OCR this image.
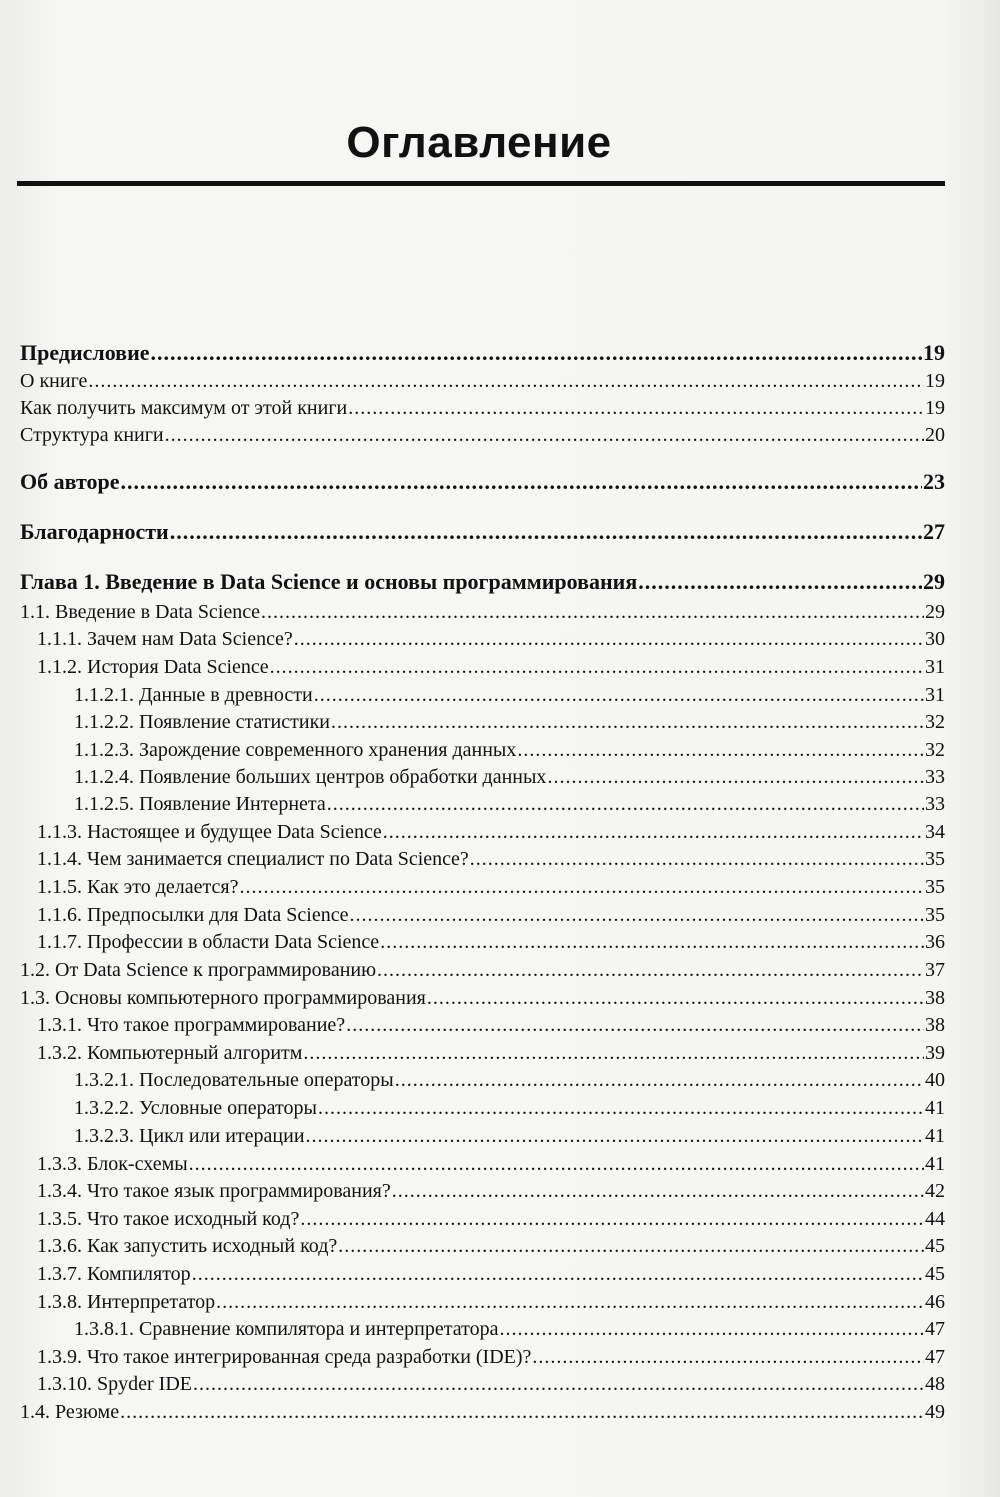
Оглавление
Предисловие .....	19
О книге .....	19
Как получить максимум от этой книги .....	19
Структура книги .....	20
Об авторе .....	23
Благодарности .....	27
Глава 1. Введение в Data Science и основы программирования .....	29
1.1. Введение в Data Science .....	29
1.1.1. Зачем нам Data Science? .....	30
1.1.2. История Data Science .....	31
1.1.2.1. Данные в древности .....	31
1.1.2.2. Появление статистики .....	32
1.1.2.3. Зарождение современного хранения данных .....	32
1.1.2.4. Появление больших центров обработки данных .....	33
1.1.2.5. Появление Интернета .....	33
1.1.3. Настоящее и будущее Data Science .....	34
1.1.4. Чем занимается специалист по Data Science? .....	35
1.1.5. Как это делается? .....	35
1.1.6. Предпосылки для Data Science .....	35
1.1.7. Профессии в области Data Science .....	36
1.2. От Data Science к программированию .....	37
1.3. Основы компьютерного программирования .....	38
1.3.1. Что такое программирование? .....	38
1.3.2. Компьютерный алгоритм .....	39
1.3.2.1. Последовательные операторы .....	40
1.3.2.2. Условные операторы .....	41
1.3.2.3. Цикл или итерации .....	41
1.3.3. Блок-схемы .....	41
1.3.4. Что такое язык программирования? .....	42
1.3.5. Что такое исходный код? .....	44
1.3.6. Как запустить исходный код? .....	45
1.3.7. Компилятор .....	45
1.3.8. Интерпретатор .....	46
1.3.8.1. Сравнение компилятора и интерпретатора .....	47
1.3.9. Что такое интегрированная среда разработки (IDE)? .....	47
1.3.10. Spyder IDE .....	48
1.4. Резюме .....	49
